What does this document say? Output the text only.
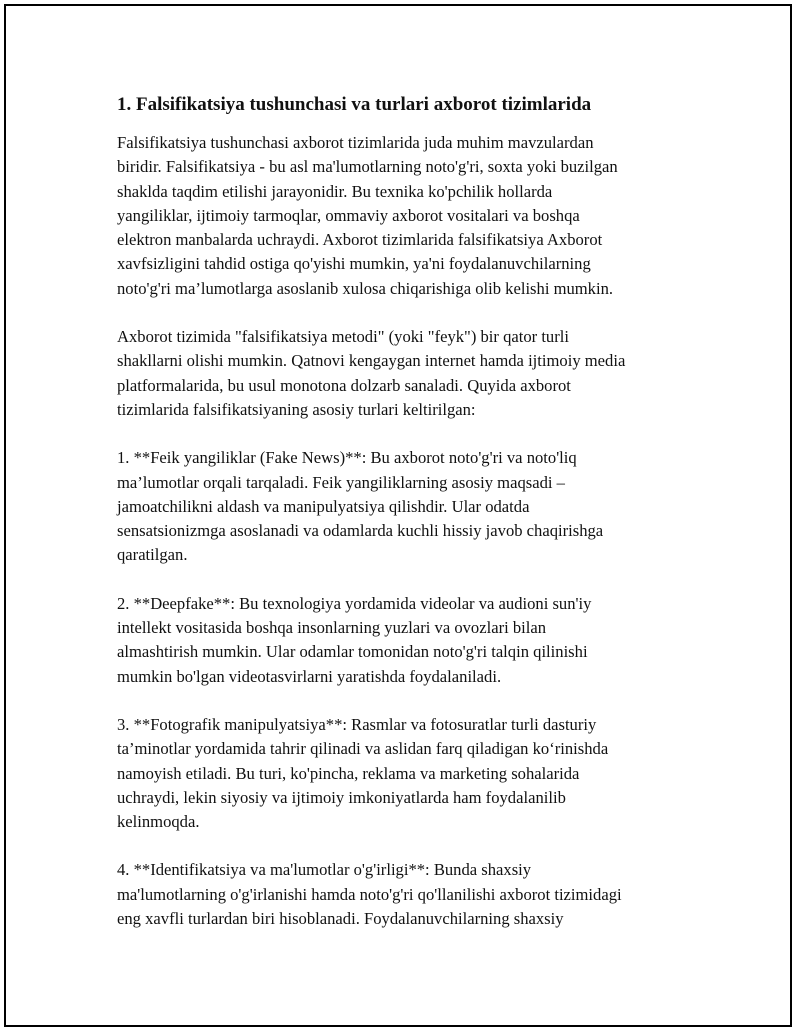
1. Falsifikatsiya tushunchasi va turlari axborot tizimlarida

Falsifikatsiya tushunchasi axborot tizimlarida juda muhim mavzulardan
biridir. Falsifikatsiya - bu asl ma'lumotlarning noto'g'ri, soxta yoki buzilgan
shaklda taqdim etilishi jarayonidir. Bu texnika ko'pchilik hollarda
yangiliklar, ijtimoiy tarmoqlar, ommaviy axborot vositalari va boshqa
elektron manbalarda uchraydi. Axborot tizimlarida falsifikatsiya Axborot
xavfsizligini tahdid ostiga qo'yishi mumkin, ya'ni foydalanuvchilarning
noto'g'ri ma’lumotlarga asoslanib xulosa chiqarishiga olib kelishi mumkin.

Axborot tizimida "falsifikatsiya metodi" (yoki "feyk") bir qator turli
shakllarni olishi mumkin. Qatnovi kengaygan internet hamda ijtimoiy media
platformalarida, bu usul monotona dolzarb sanaladi. Quyida axborot
tizimlarida falsifikatsiyaning asosiy turlari keltirilgan:

1. **Feik yangiliklar (Fake News)**: Bu axborot noto'g'ri va noto'liq
ma’lumotlar orqali tarqaladi. Feik yangiliklarning asosiy maqsadi –
jamoatchilikni aldash va manipulyatsiya qilishdir. Ular odatda
sensatsionizmga asoslanadi va odamlarda kuchli hissiy javob chaqirishga
qaratilgan.

2. **Deepfake**: Bu texnologiya yordamida videolar va audioni sun'iy
intellekt vositasida boshqa insonlarning yuzlari va ovozlari bilan
almashtirish mumkin. Ular odamlar tomonidan noto'g'ri talqin qilinishi
mumkin bo'lgan videotasvirlarni yaratishda foydalaniladi.

3. **Fotografik manipulyatsiya**: Rasmlar va fotosuratlar turli dasturiy
ta’minotlar yordamida tahrir qilinadi va aslidan farq qiladigan ko‘rinishda
namoyish etiladi. Bu turi, ko'pincha, reklama va marketing sohalarida
uchraydi, lekin siyosiy va ijtimoiy imkoniyatlarda ham foydalanilib
kelinmoqda.

4. **Identifikatsiya va ma'lumotlar o'g'irligi**: Bunda shaxsiy
ma'lumotlarning o'g'irlanishi hamda noto'g'ri qo'llanilishi axborot tizimidagi
eng xavfli turlardan biri hisoblanadi. Foydalanuvchilarning shaxsiy
